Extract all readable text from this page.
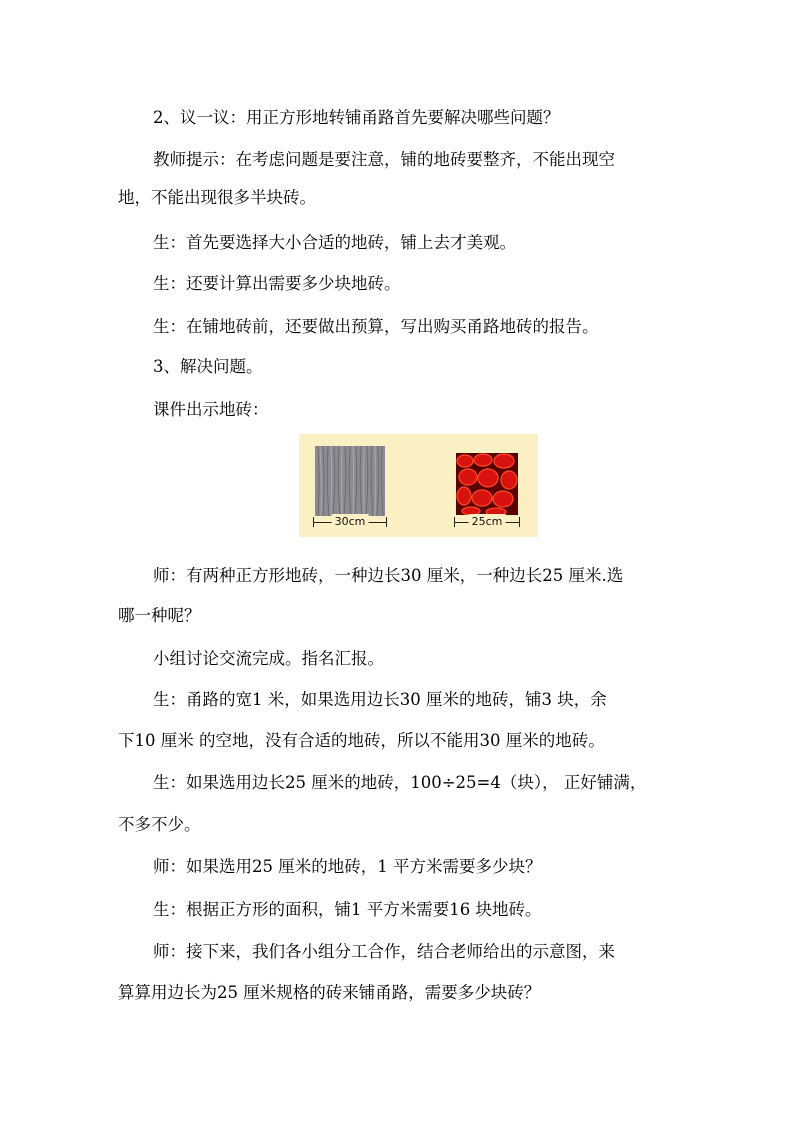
2、议一议：用正方形地转铺甬路首先要解决哪些问题？
教师提示：在考虑问题是要注意，铺的地砖要整齐，不能出现空
地，不能出现很多半块砖。
生：首先要选择大小合适的地砖，铺上去才美观。
生：还要计算出需要多少块地砖。
生：在铺地砖前，还要做出预算，写出购买甬路地砖的报告。
3、解决问题。
课件出示地砖：
30cm	25cm
师：有两种正方形地砖，一种边长30 厘米，一种边长25 厘米.选
哪一种呢？
小组讨论交流完成。指名汇报。
生：甬路的宽1 米，如果选用边长30 厘米的地砖，铺3 块，余
下10 厘米 的空地，没有合适的地砖，所以不能用30 厘米的地砖。
生：如果选用边长25 厘米的地砖，100÷25=4（块）， 正好铺满，
不多不少。
师：如果选用25 厘米的地砖，1 平方米需要多少块？
生：根据正方形的面积，铺1 平方米需要16 块地砖。
师：接下来，我们各小组分工合作，结合老师给出的示意图，来
算算用边长为25 厘米规格的砖来铺甬路，需要多少块砖？
